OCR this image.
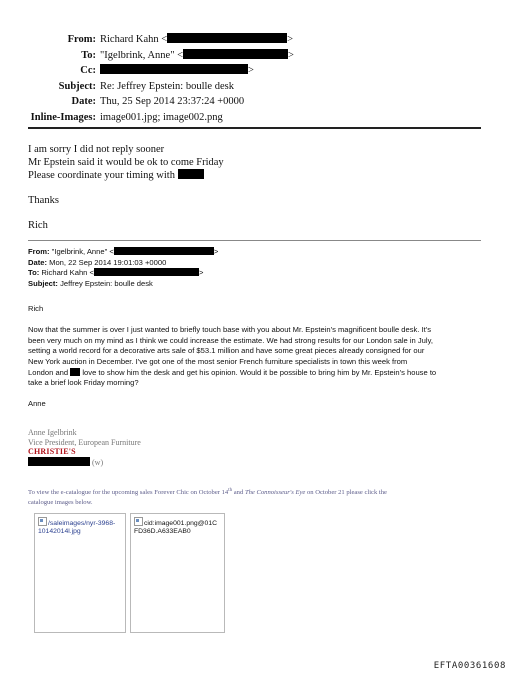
From: Richard Kahn <	>
To: "Igelbrink, Anne" <	>
Cc:	>
Subject: Re: Jeffrey Epstein: boulle desk
Date: Thu, 25 Sep 2014 23:37:24 +0000
Inline-Images: image001.jpg; image002.png

I am sorry I did not reply sooner

Mr Epstein said it would be ok to come Friday

Please coordinate your timing with

Thanks

Rich

From: "Igelbrink, Anne" <	>
Date: Mon, 22 Sep 2014 19:01:03 +0000
To: Richard Kahn <	>
Subject: Jeffrey Epstein: boulle desk

Rich

Now that the summer is over I just wanted to briefly touch base with you about Mr. Epstein's magnificent boulle desk. It's

been very much on my mind as I think we could increase the estimate. We had strong results for our London sale in July,

setting a world record for a decorative arts sale of $53.1 million and have some great pieces already consigned for our

New York auction in December. I've got one of the most senior French furniture specialists in town this week from

London and love to show him the desk and get his opinion. Would it be possible to bring him by Mr. Epstein's house to

take a brief look Friday morning?

Anne

Anne Igelbrink
Vice President, European Furniture
CHRISTIE'S
(w)
To view the e-catalogue for the upcoming sales Forever Chic on October 14th and The Connoisseur's Eye on October 21 please click the
catalogue images below.
/saleimages/nyr-3968-10142014l.jpg
cid:image001.png@01CFD36D.A633EAB0
EFTA00361608
